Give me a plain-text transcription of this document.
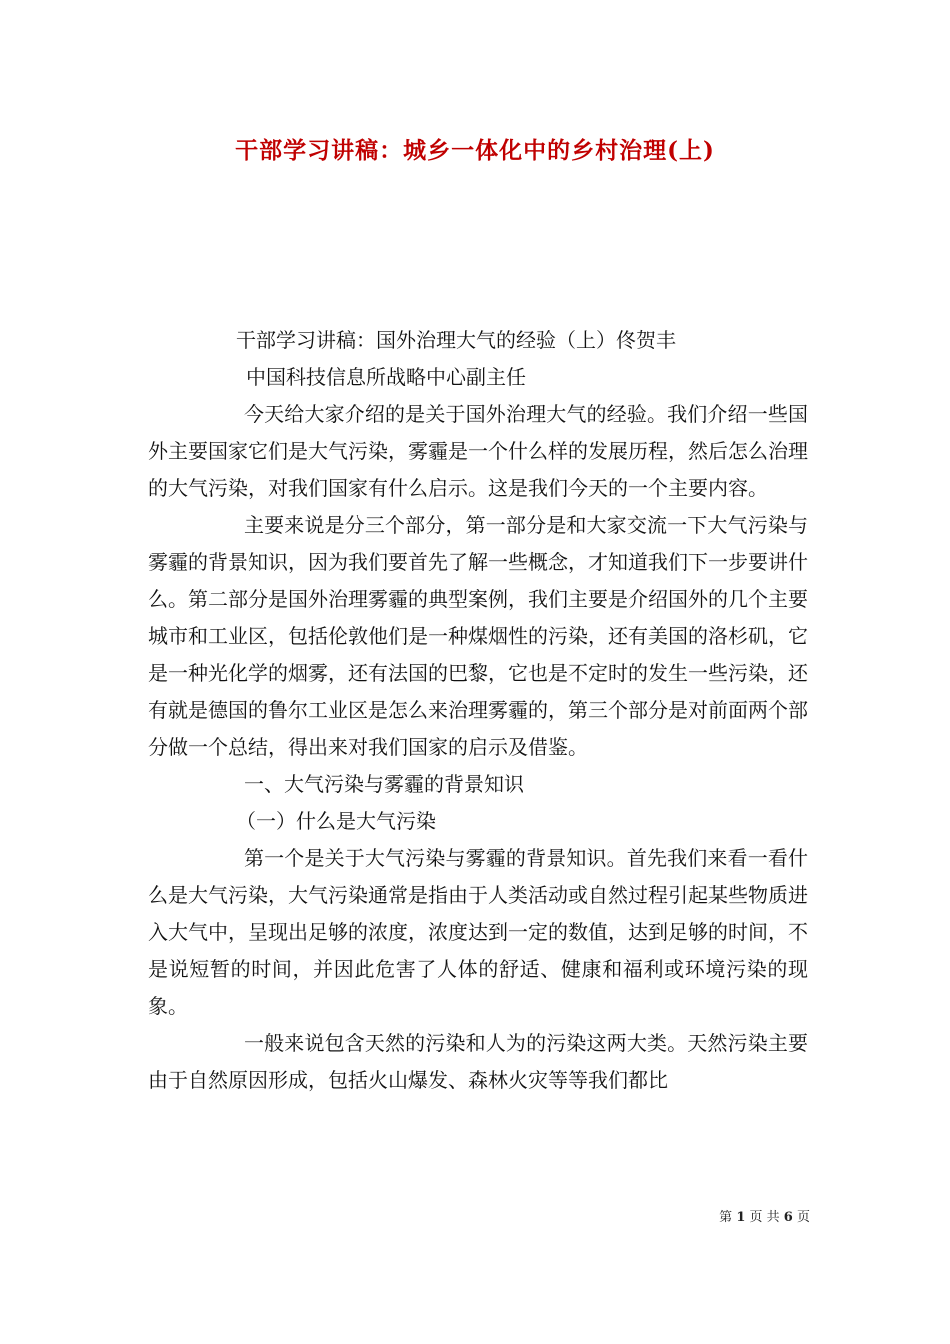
干部学习讲稿：城乡一体化中的乡村治理(上)

干部学习讲稿：国外治理大气的经验（上）佟贺丰

中国科技信息所战略中心副主任

今天给大家介绍的是关于国外治理大气的经验。我们介绍一些国外主要国家它们是大气污染，雾霾是一个什么样的发展历程，然后怎么治理的大气污染，对我们国家有什么启示。这是我们今天的一个主要内容。

主要来说是分三个部分，第一部分是和大家交流一下大气污染与雾霾的背景知识，因为我们要首先了解一些概念，才知道我们下一步要讲什么。第二部分是国外治理雾霾的典型案例，我们主要是介绍国外的几个主要城市和工业区，包括伦敦他们是一种煤烟性的污染，还有美国的洛杉矶，它是一种光化学的烟雾，还有法国的巴黎，它也是不定时的发生一些污染，还有就是德国的鲁尔工业区是怎么来治理雾霾的，第三个部分是对前面两个部分做一个总结，得出来对我们国家的启示及借鉴。

一、大气污染与雾霾的背景知识

（一）什么是大气污染

第一个是关于大气污染与雾霾的背景知识。首先我们来看一看什么是大气污染，大气污染通常是指由于人类活动或自然过程引起某些物质进入大气中，呈现出足够的浓度，浓度达到一定的数值，达到足够的时间，不是说短暂的时间，并因此危害了人体的舒适、健康和福利或环境污染的现象。

一般来说包含天然的污染和人为的污染这两大类。天然污染主要由于自然原因形成，包括火山爆发、森林火灾等等我们都比

第 1 页 共 6 页
